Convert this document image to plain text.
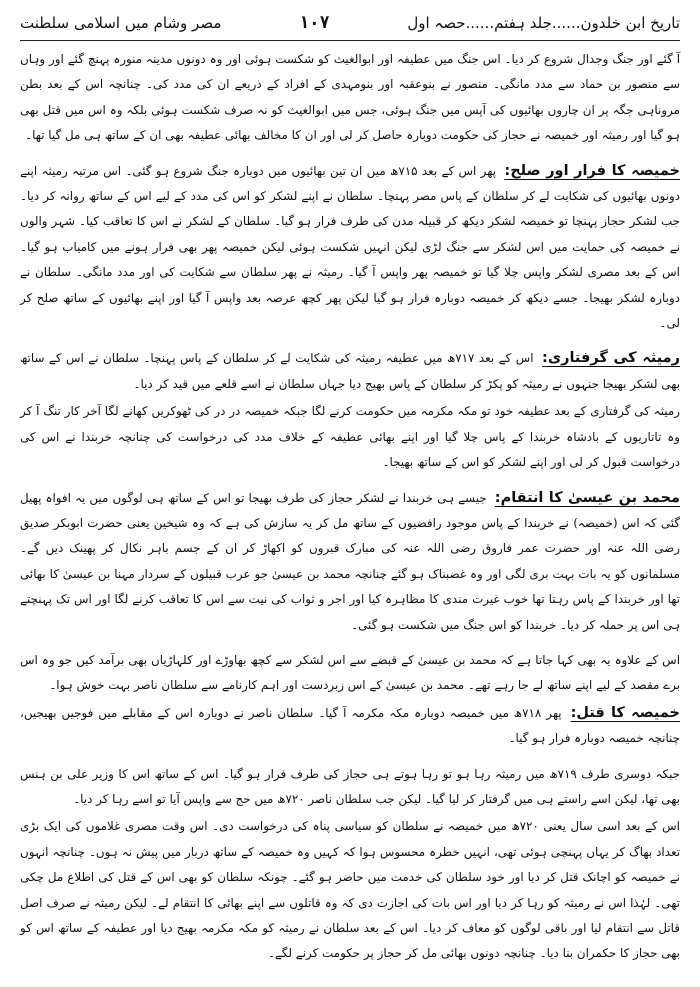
تاریخ ابن خلدون......جلد ہفتم......حصہ اول
۱۰۷
مصر وشام میں اسلامی سلطنت

آ گئے اور جنگ وجدال شروع کر دیا۔ اس جنگ میں عطیفہ اور ابوالغیث کو شکست ہوئی اور وہ دونوں مدینہ منورہ پہنچ گئے اور وہاں سے منصور بن حماد سے مدد مانگی۔ منصور نے بنوعقبہ اور بنومہدی کے افراد کے ذریعے ان کی مدد کی۔ چنانچہ اس کے بعد بطن مروناہی جگہ پر ان چاروں بھائیوں کی آپس میں جنگ ہوئی، جس میں ابوالغیث کو نہ صرف شکست ہوئی بلکہ وہ اس میں قتل بھی ہو گیا اور رمیثہ اور خمیصہ نے حجاز کی حکومت دوبارہ حاصل کر لی اور ان کا مخالف بھائی عطیفہ بھی ان کے ساتھ ہی مل گیا تھا۔

خمیصہ کا فرار اور صلح: پھر اس کے بعد ۷۱۵ھ میں ان تین بھائیوں میں دوبارہ جنگ شروع ہو گئی۔ اس مرتبہ رمیثہ اپنے دونوں بھائیوں کی شکایت لے کر سلطان کے پاس مصر پہنچا۔ سلطان نے اپنے لشکر کو اس کی مدد کے لیے اس کے ساتھ روانہ کر دیا۔ جب لشکر حجاز پہنچا تو خمیصہ لشکر دیکھ کر قبیلہ مدن کی طرف فرار ہو گیا۔ سلطان کے لشکر نے اس کا تعاقب کیا۔ شہر والوں نے خمیصہ کی حمایت میں اس لشکر سے جنگ لڑی لیکن انہیں شکست ہوئی لیکن خمیصہ پھر بھی فرار ہونے میں کامیاب ہو گیا۔ اس کے بعد مصری لشکر واپس چلا گیا تو خمیصہ پھر واپس آ گیا۔ رمیثہ نے پھر سلطان سے شکایت کی اور مدد مانگی۔ سلطان نے دوبارہ لشکر بھیجا۔ جسے دیکھ کر خمیصہ دوبارہ فرار ہو گیا لیکن پھر کچھ عرصہ بعد واپس آ گیا اور اپنے بھائیوں کے ساتھ صلح کر لی۔

رمیثہ کی گرفتاری: اس کے بعد ۷۱۷ھ میں عطیفہ رمیثہ کی شکایت لے کر سلطان کے پاس پہنچا۔ سلطان نے اس کے ساتھ بھی لشکر بھیجا جنہوں نے رمیثہ کو پکڑ کر سلطان کے پاس بھیج دیا جہاں سلطان نے اسے قلعے میں قید کر دیا۔

رمیثہ کی گرفتاری کے بعد عطیفہ خود تو مکہ مکرمہ میں حکومت کرنے لگا جبکہ خمیصہ در در کی ٹھوکریں کھانے لگا آخر کار تنگ آ کر وہ تاتاریوں کے بادشاہ خربندا کے پاس چلا گیا اور اپنے بھائی عطیفہ کے خلاف مدد کی درخواست کی چنانچہ خربندا نے اس کی درخواست قبول کر لی اور اپنے لشکر کو اس کے ساتھ بھیجا۔

محمد بن عیسیٰ کا انتقام: جیسے ہی خربندا نے لشکر حجاز کی طرف بھیجا تو اس کے ساتھ ہی لوگوں میں یہ افواہ پھیل گئی کہ اس (خمیصہ) نے خربندا کے پاس موجود رافضیوں کے ساتھ مل کر یہ سازش کی ہے کہ وہ شیخین یعنی حضرت ابوبکر صدیق رضی اللہ عنہ اور حضرت عمر فاروق رضی اللہ عنہ کی مبارک قبروں کو اکھاڑ کر ان کے جسم باہر نکال کر پھینک دیں گے۔ مسلمانوں کو یہ بات بہت بری لگی اور وہ غضبناک ہو گئے چنانچہ محمد بن عیسیٰ جو عرب قبیلوں کے سردار مہنا بن عیسیٰ کا بھائی تھا اور خربندا کے پاس رہتا تھا خوب غیرت مندی کا مظاہرہ کیا اور اجر و ثواب کی نیت سے اس کا تعاقب کرنے لگا اور اس تک پہنچتے ہی اس پر حملہ کر دیا۔ خربندا کو اس جنگ میں شکست ہو گئی۔

اس کے علاوہ یہ بھی کہا جاتا ہے کہ محمد بن عیسیٰ کے قبضے سے اس لشکر سے کچھ بھاوڑے اور کلہاڑیاں بھی برآمد کیں جو وہ اس برے مقصد کے لیے اپنے ساتھ لے جا رہے تھے۔ محمد بن عیسیٰ کے اس زبردست اور اہم کارنامے سے سلطان ناصر بہت خوش ہوا۔

خمیصہ کا قتل: پھر ۷۱۸ھ میں خمیصہ دوبارہ مکہ مکرمہ آ گیا۔ سلطان ناصر نے دوبارہ اس کے مقابلے میں فوجیں بھیجیں، چنانچہ خمیصہ دوبارہ فرار ہو گیا۔

جبکہ دوسری طرف ۷۱۹ھ میں رمیثہ رہا ہو تو رہا ہوتے ہی حجاز کی طرف فرار ہو گیا۔ اس کے ساتھ اس کا وزیر علی بن ہنس بھی تھا، لیکن اسے راستے ہی میں گرفتار کر لیا گیا۔ لیکن جب سلطان ناصر ۷۲۰ھ میں حج سے واپس آیا تو اسے رہا کر دیا۔

اس کے بعد اسی سال یعنی ۷۲۰ھ میں خمیصہ نے سلطان کو سیاسی پناہ کی درخواست دی۔ اس وقت مصری غلاموں کی ایک بڑی تعداد بھاگ کر یہاں پہنچی ہوئی تھی، انہیں خطرہ محسوس ہوا کہ کہیں وہ خمیصہ کے ساتھ دربار میں پیش نہ ہوں۔ چنانچہ انہوں نے خمیصہ کو اچانک قتل کر دیا اور خود سلطان کی خدمت میں حاضر ہو گئے۔ چونکہ سلطان کو بھی اس کے قتل کی اطلاع مل چکی تھی۔ لہٰذا اس نے رمیثہ کو رہا کر دیا اور اس بات کی اجازت دی کہ وہ قاتلوں سے اپنے بھائی کا انتقام لے۔ لیکن رمیثہ نے صرف اصل قاتل سے انتقام لیا اور باقی لوگوں کو معاف کر دیا۔ اس کے بعد سلطان نے رمیثہ کو مکہ مکرمہ بھیج دیا اور عطیفہ کے ساتھ اس کو بھی حجاز کا حکمران بنا دیا۔ چنانچہ دونوں بھائی مل کر حجاز پر حکومت کرنے لگے۔
